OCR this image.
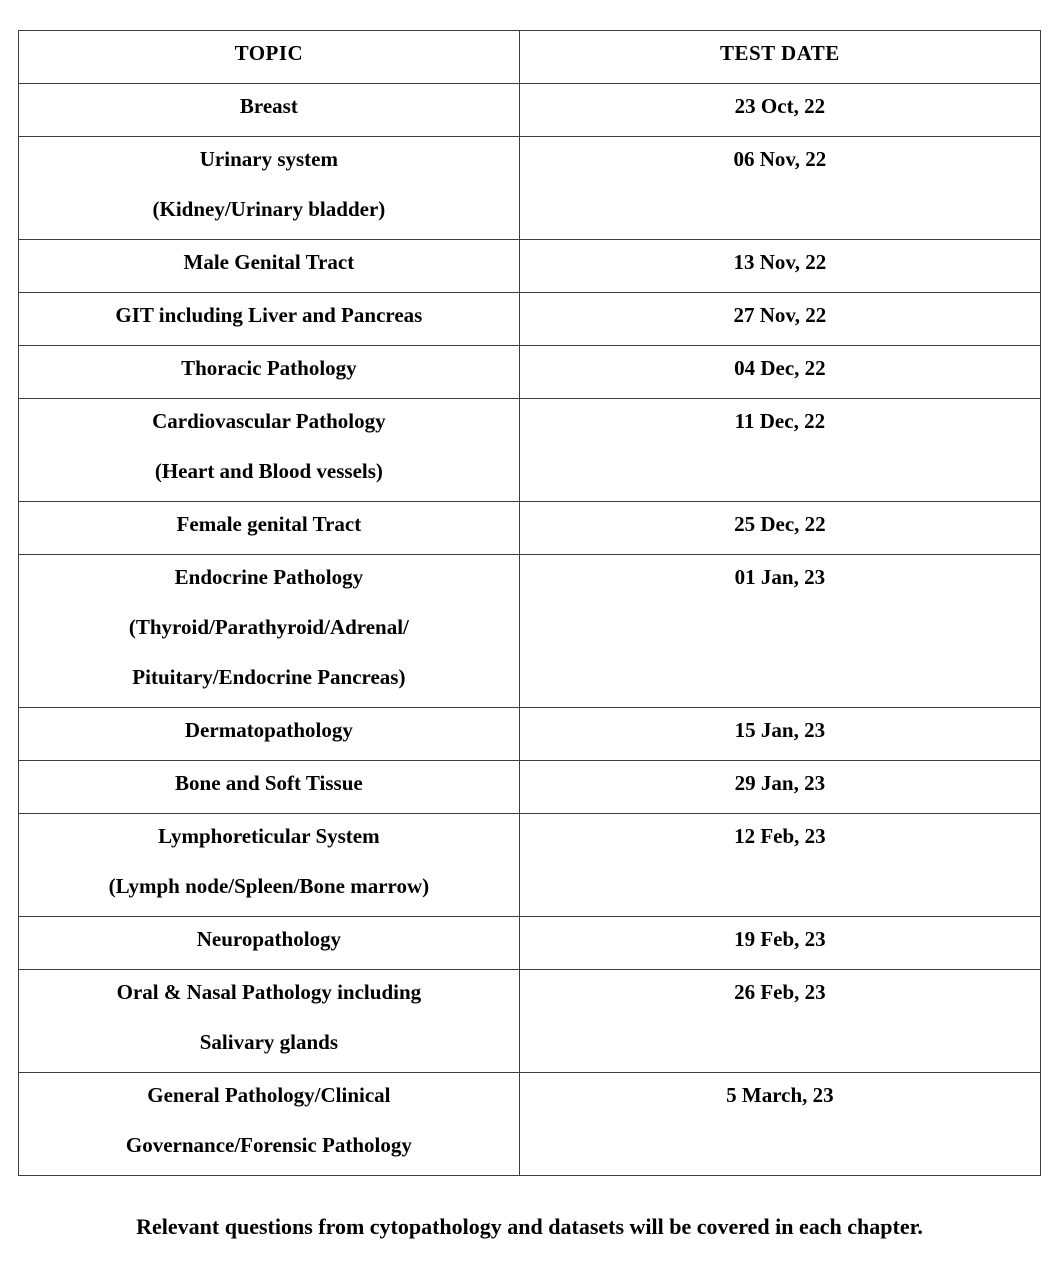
TOPIC	TEST DATE

Breast	23 Oct, 22

Urinary system
(Kidney/Urinary bladder)	06 Nov, 22

Male Genital Tract	13 Nov, 22

GIT including Liver and Pancreas	27 Nov, 22

Thoracic Pathology	04 Dec, 22

Cardiovascular Pathology
(Heart and Blood vessels)	11 Dec, 22

Female genital Tract	25 Dec, 22

Endocrine Pathology
(Thyroid/Parathyroid/Adrenal/
Pituitary/Endocrine Pancreas)	01 Jan, 23

Dermatopathology	15 Jan, 23

Bone and Soft Tissue	29 Jan, 23

Lymphoreticular System
(Lymph node/Spleen/Bone marrow)	12 Feb, 23

Neuropathology	19 Feb, 23

Oral & Nasal Pathology including
Salivary glands	26 Feb, 23

General Pathology/Clinical
Governance/Forensic Pathology	5 March, 23
Relevant questions from cytopathology and datasets will be covered in each chapter.
